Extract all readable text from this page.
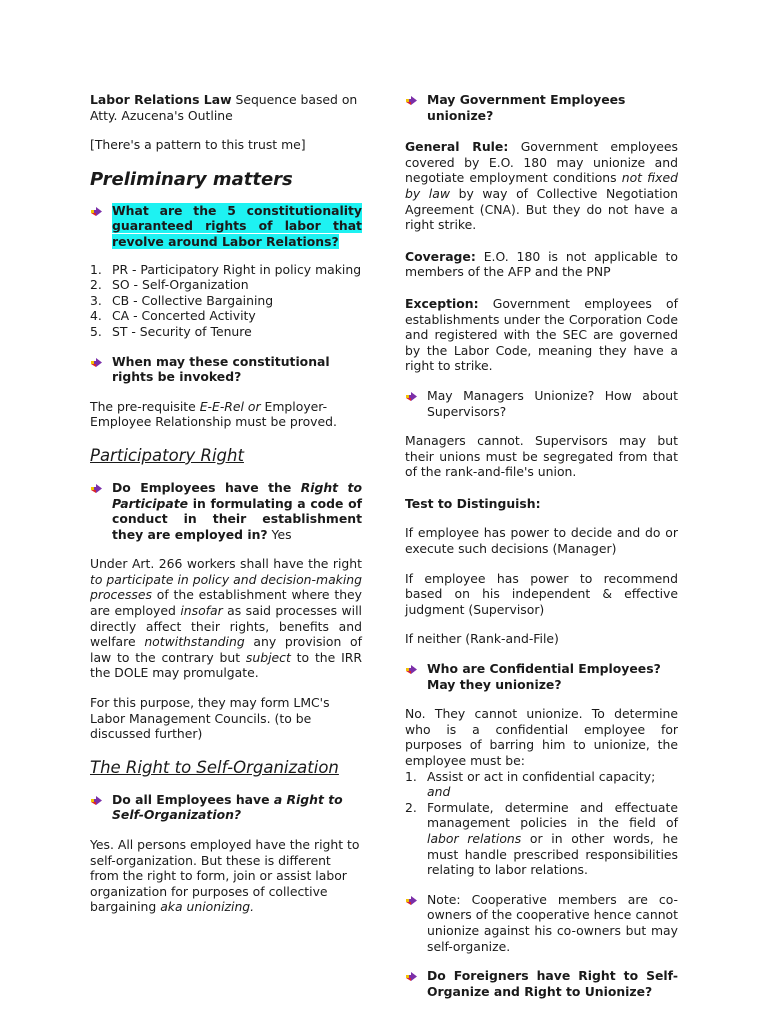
Labor Relations Law Sequence based on Atty. Azucena's Outline

[There's a pattern to this trust me]

Preliminary matters
What are the 5 constitutionality guaranteed rights of labor that revolve around Labor Relations?
1. PR - Participatory Right in policy making
2. SO - Self-Organization
3. CB - Collective Bargaining
4. CA - Concerted Activity
5. ST - Security of Tenure
When may these constitutional rights be invoked?

The pre-requisite E-E-Rel or Employer-Employee Relationship must be proved.

Participatory Right
Do Employees have the Right to Participate in formulating a code of conduct in their establishment they are employed in? Yes

Under Art. 266 workers shall have the right to participate in policy and decision-making processes of the establishment where they are employed insofar as said processes will directly affect their rights, benefits and welfare notwithstanding any provision of law to the contrary but subject to the IRR the DOLE may promulgate.

For this purpose, they may form LMC's Labor Management Councils. (to be discussed further)

The Right to Self-Organization
Do all Employees have a Right to Self-Organization?

Yes. All persons employed have the right to self-organization. But these is different from the right to form, join or assist labor organization for purposes of collective bargaining aka unionizing.

May Government Employees unionize?

General Rule: Government employees covered by E.O. 180 may unionize and negotiate employment conditions not fixed by law by way of Collective Negotiation Agreement (CNA). But they do not have a right strike.

Coverage: E.O. 180 is not applicable to members of the AFP and the PNP

Exception: Government employees of establishments under the Corporation Code and registered with the SEC are governed by the Labor Code, meaning they have a right to strike.

May Managers Unionize? How about Supervisors?

Managers cannot. Supervisors may but their unions must be segregated from that of the rank-and-file's union.

Test to Distinguish:

If employee has power to decide and do or execute such decisions (Manager)

If employee has power to recommend based on his independent & effective judgment (Supervisor)

If neither (Rank-and-File)

Who are Confidential Employees? May they unionize?

No. They cannot unionize. To determine who is a confidential employee for purposes of barring him to unionize, the employee must be:

1. Assist or act in confidential capacity; and
2. Formulate, determine and effectuate management policies in the field of labor relations or in other words, he must handle prescribed responsibilities relating to labor relations.
Note: Cooperative members are co-owners of the cooperative hence cannot unionize against his co-owners but may self-organize.
Do Foreigners have Right to Self-Organize and Right to Unionize?
